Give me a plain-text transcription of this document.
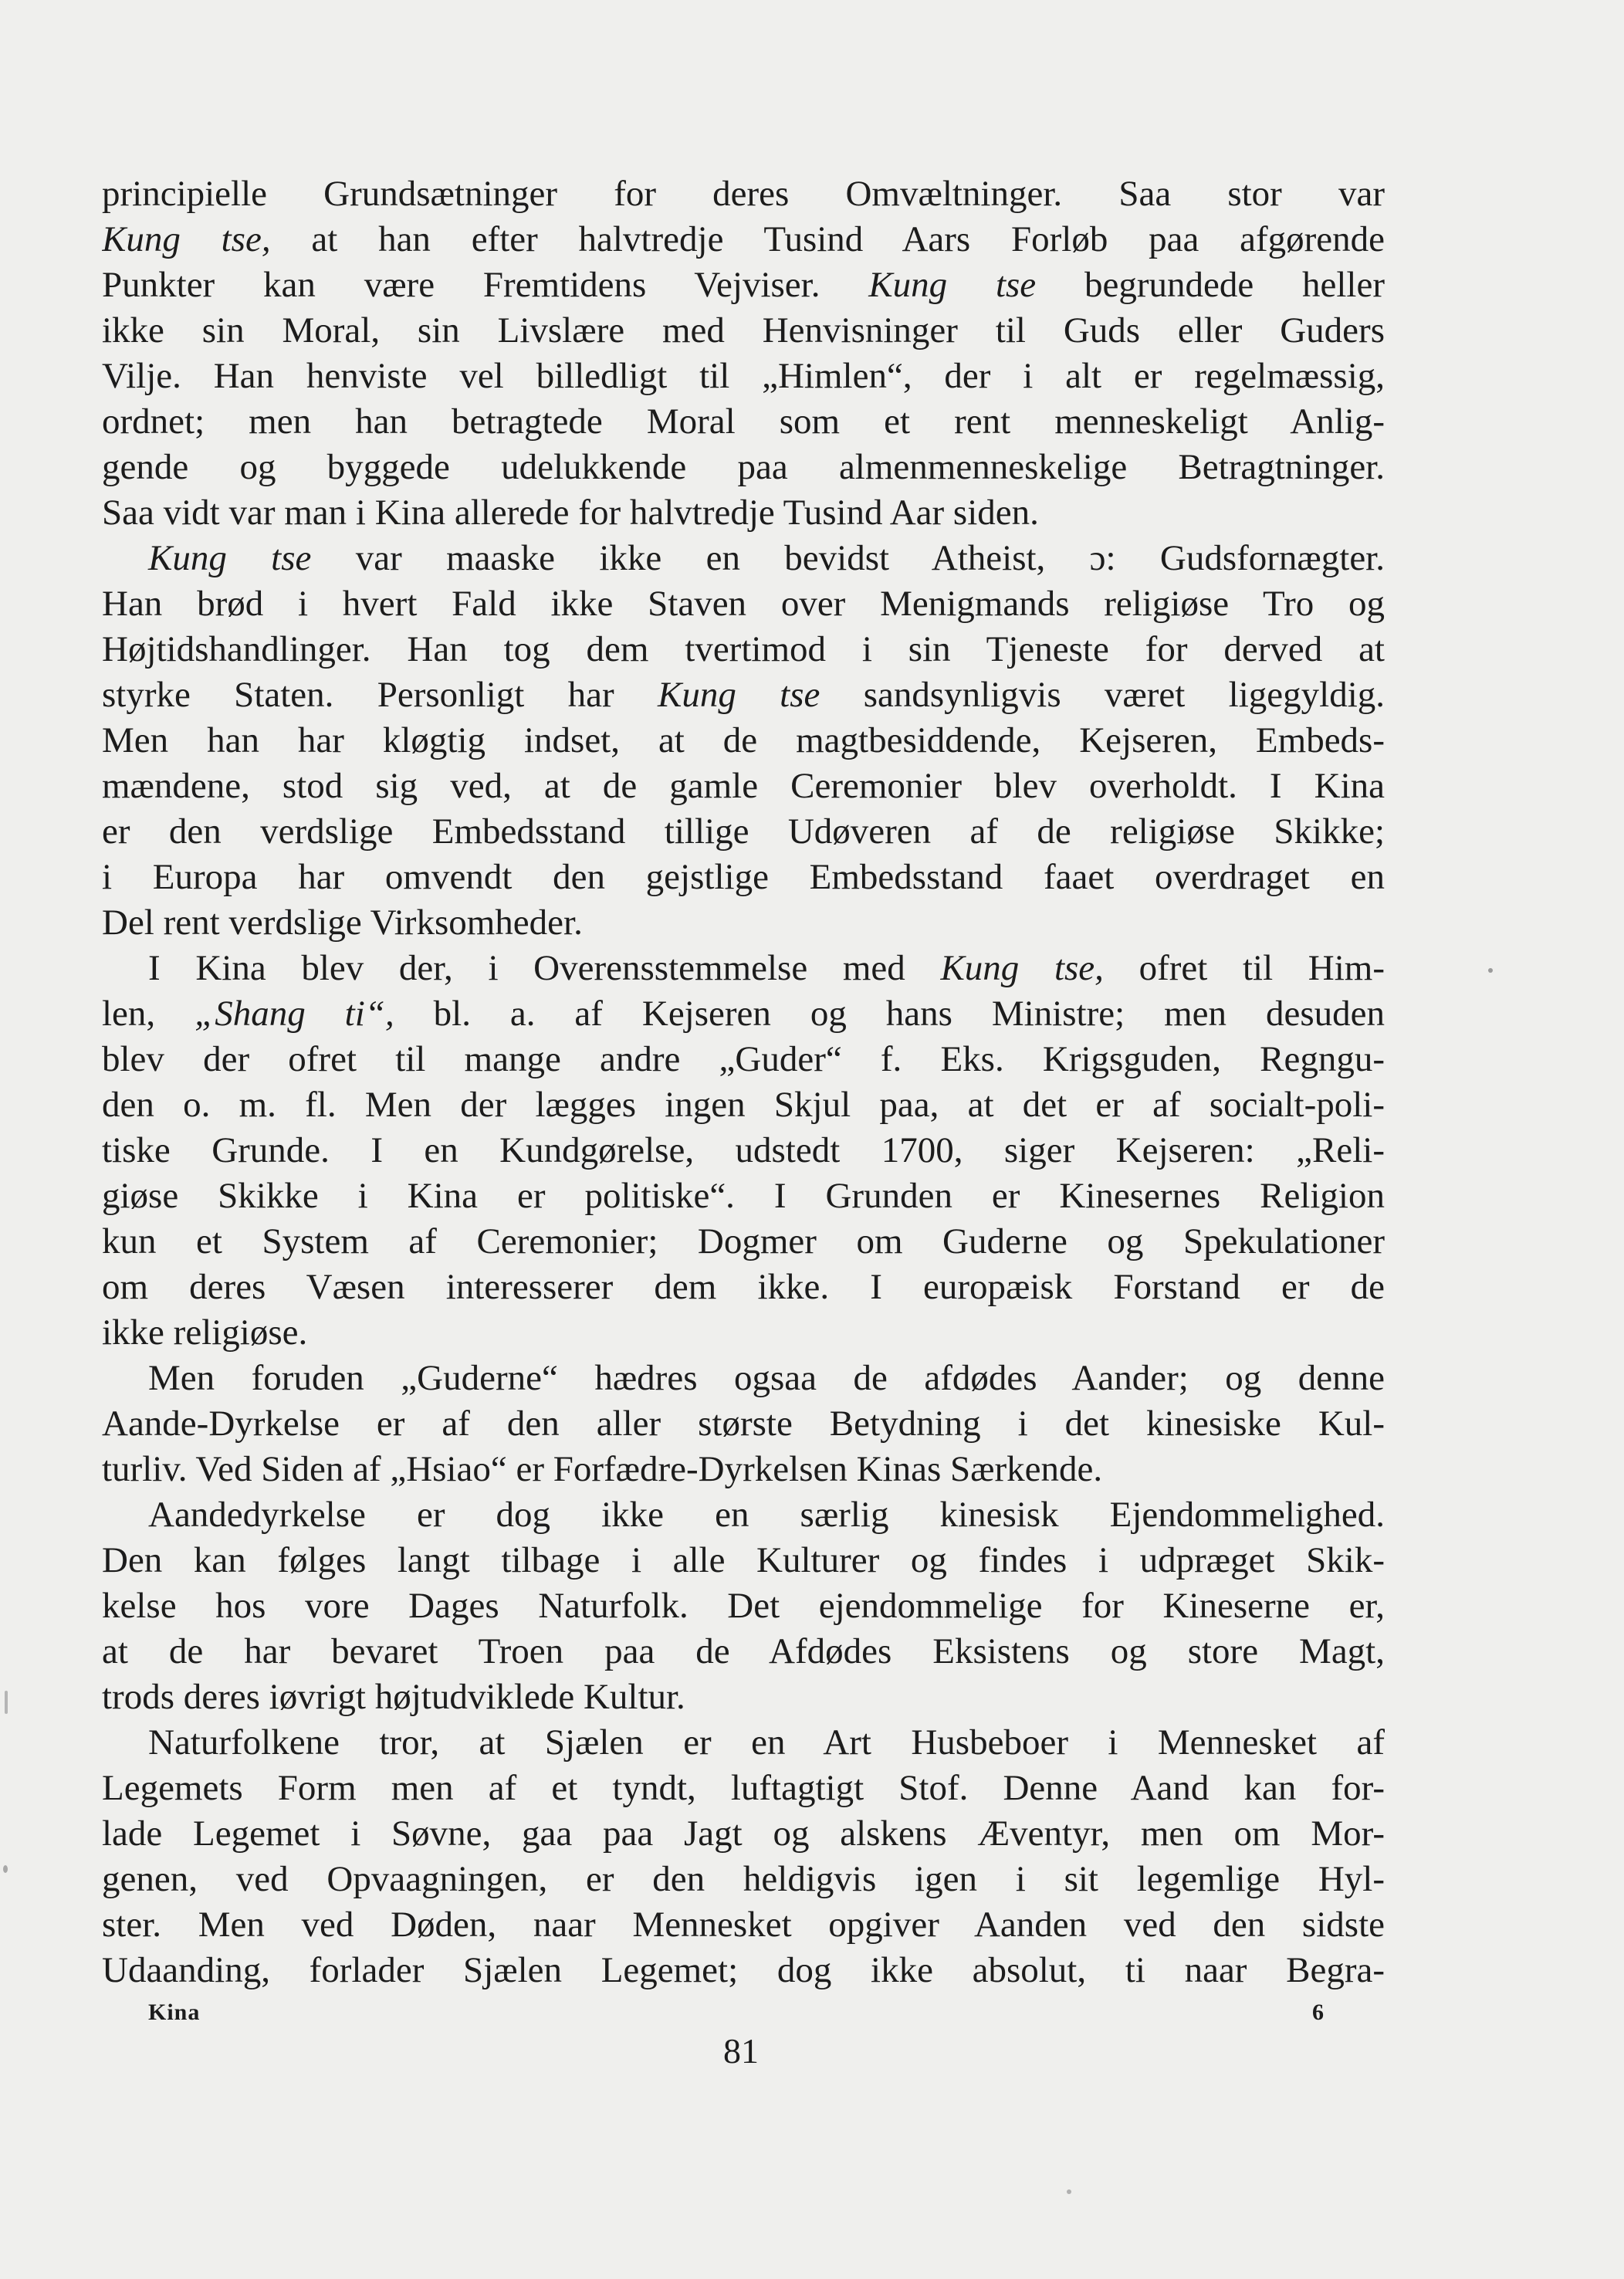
principielle Grundsætninger for deres Omvæltninger. Saa stor var
Kung tse, at han efter halvtredje Tusind Aars Forløb paa afgørende
Punkter kan være Fremtidens Vejviser. Kung tse begrundede heller
ikke sin Moral, sin Livslære med Henvisninger til Guds eller Guders
Vilje. Han henviste vel billedligt til „Himlen“, der i alt er regelmæssig,
ordnet; men han betragtede Moral som et rent menneskeligt Anlig-
gende og byggede udelukkende paa almenmenneskelige Betragtninger.
Saa vidt var man i Kina allerede for halvtredje Tusind Aar siden.
Kung tse var maaske ikke en bevidst Atheist, ɔ: Gudsfornægter.
Han brød i hvert Fald ikke Staven over Menigmands religiøse Tro og
Højtidshandlinger. Han tog dem tvertimod i sin Tjeneste for derved at
styrke Staten. Personligt har Kung tse sandsynligvis været ligegyldig.
Men han har kløgtig indset, at de magtbesiddende, Kejseren, Embeds-
mændene, stod sig ved, at de gamle Ceremonier blev overholdt. I Kina
er den verdslige Embedsstand tillige Udøveren af de religiøse Skikke;
i Europa har omvendt den gejstlige Embedsstand faaet overdraget en
Del rent verdslige Virksomheder.
I Kina blev der, i Overensstemmelse med Kung tse, ofret til Him-
len, „Shang ti“, bl. a. af Kejseren og hans Ministre; men desuden
blev der ofret til mange andre „Guder“ f. Eks. Krigsguden, Regngu-
den o. m. fl. Men der lægges ingen Skjul paa, at det er af socialt-poli-
tiske Grunde. I en Kundgørelse, udstedt 1700, siger Kejseren: „Reli-
giøse Skikke i Kina er politiske“. I Grunden er Kinesernes Religion
kun et System af Ceremonier; Dogmer om Guderne og Spekulationer
om deres Væsen interesserer dem ikke. I europæisk Forstand er de
ikke religiøse.
Men foruden „Guderne“ hædres ogsaa de afdødes Aander; og denne
Aande-Dyrkelse er af den aller største Betydning i det kinesiske Kul-
turliv. Ved Siden af „Hsiao“ er Forfædre-Dyrkelsen Kinas Særkende.
Aandedyrkelse er dog ikke en særlig kinesisk Ejendommelighed.
Den kan følges langt tilbage i alle Kulturer og findes i udpræget Skik-
kelse hos vore Dages Naturfolk. Det ejendommelige for Kineserne er,
at de har bevaret Troen paa de Afdødes Eksistens og store Magt,
trods deres iøvrigt højtudviklede Kultur.
Naturfolkene tror, at Sjælen er en Art Husbeboer i Mennesket af
Legemets Form men af et tyndt, luftagtigt Stof. Denne Aand kan for-
lade Legemet i Søvne, gaa paa Jagt og alskens Æventyr, men om Mor-
genen, ved Opvaagningen, er den heldigvis igen i sit legemlige Hyl-
ster. Men ved Døden, naar Mennesket opgiver Aanden ved den sidste
Udaanding, forlader Sjælen Legemet; dog ikke absolut, ti naar Begra-
Kina	6
81
